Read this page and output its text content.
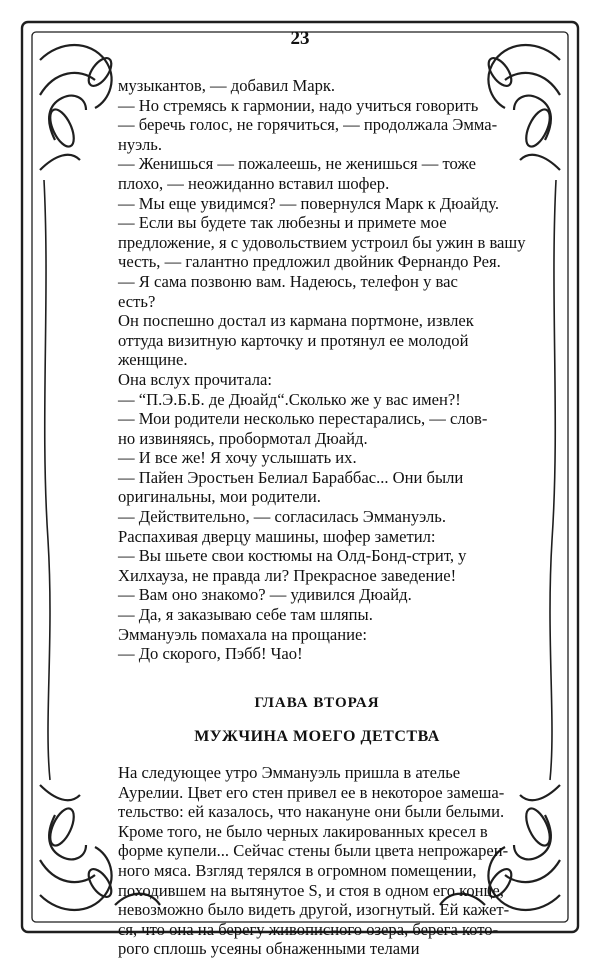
23
музыкантов, — добавил Марк.
— Но стремясь к гармонии, надо учиться говорить
— беречь голос, не горячиться, — продолжала Эмма-
нуэль.
— Женишься — пожалеешь, не женишься — тоже
плохо, — неожиданно вставил шофер.
— Мы еще увидимся? — повернулся Марк к Дюайду.
— Если вы будете так любезны и примете мое
предложение, я с удовольствием устроил бы ужин в вашу
честь, — галантно предложил двойник Фернандо Рея.
— Я сама позвоню вам. Надеюсь, телефон у вас
есть?
Он поспешно достал из кармана портмоне, извлек
оттуда визитную карточку и протянул ее молодой
женщине.
Она вслух прочитала:
— “П.Э.Б.Б. де Дюайд“.Сколько же у вас имен?!
— Мои родители несколько перестарались, — слов-
но извиняясь, пробормотал Дюайд.
— И все же! Я хочу услышать их.
— Пайен Эростьен Белиал Бараббас... Они были
оригинальны, мои родители.
— Действительно, — согласилась Эммануэль.
Распахивая дверцу машины, шофер заметил:
— Вы шьете свои костюмы на Олд-Бонд-стрит, у
Хилхауза, не правда ли? Прекрасное заведение!
— Вам оно знакомо? — удивился Дюайд.
— Да, я заказываю себе там шляпы.
Эммануэль помахала на прощание:
— До скорого, Пэбб! Чао!
ГЛАВА ВТОРАЯ
МУЖЧИНА МОЕГО ДЕТСТВА
На следующее утро Эммануэль пришла в ателье
Аурелии. Цвет его стен привел ее в некоторое замеша-
тельство: ей казалось, что накануне они были белыми.
Кроме того, не было черных лакированных кресел в
форме купели... Сейчас стены были цвета непрожарен-
ного мяса. Взгляд терялся в огромном помещении,
походившем на вытянутое S, и стоя в одном его конце,
невозможно было видеть другой, изогнутый. Ей кажет-
ся, что она на берегу живописного озера, берега кото-
рого сплошь усеяны обнаженными телами
